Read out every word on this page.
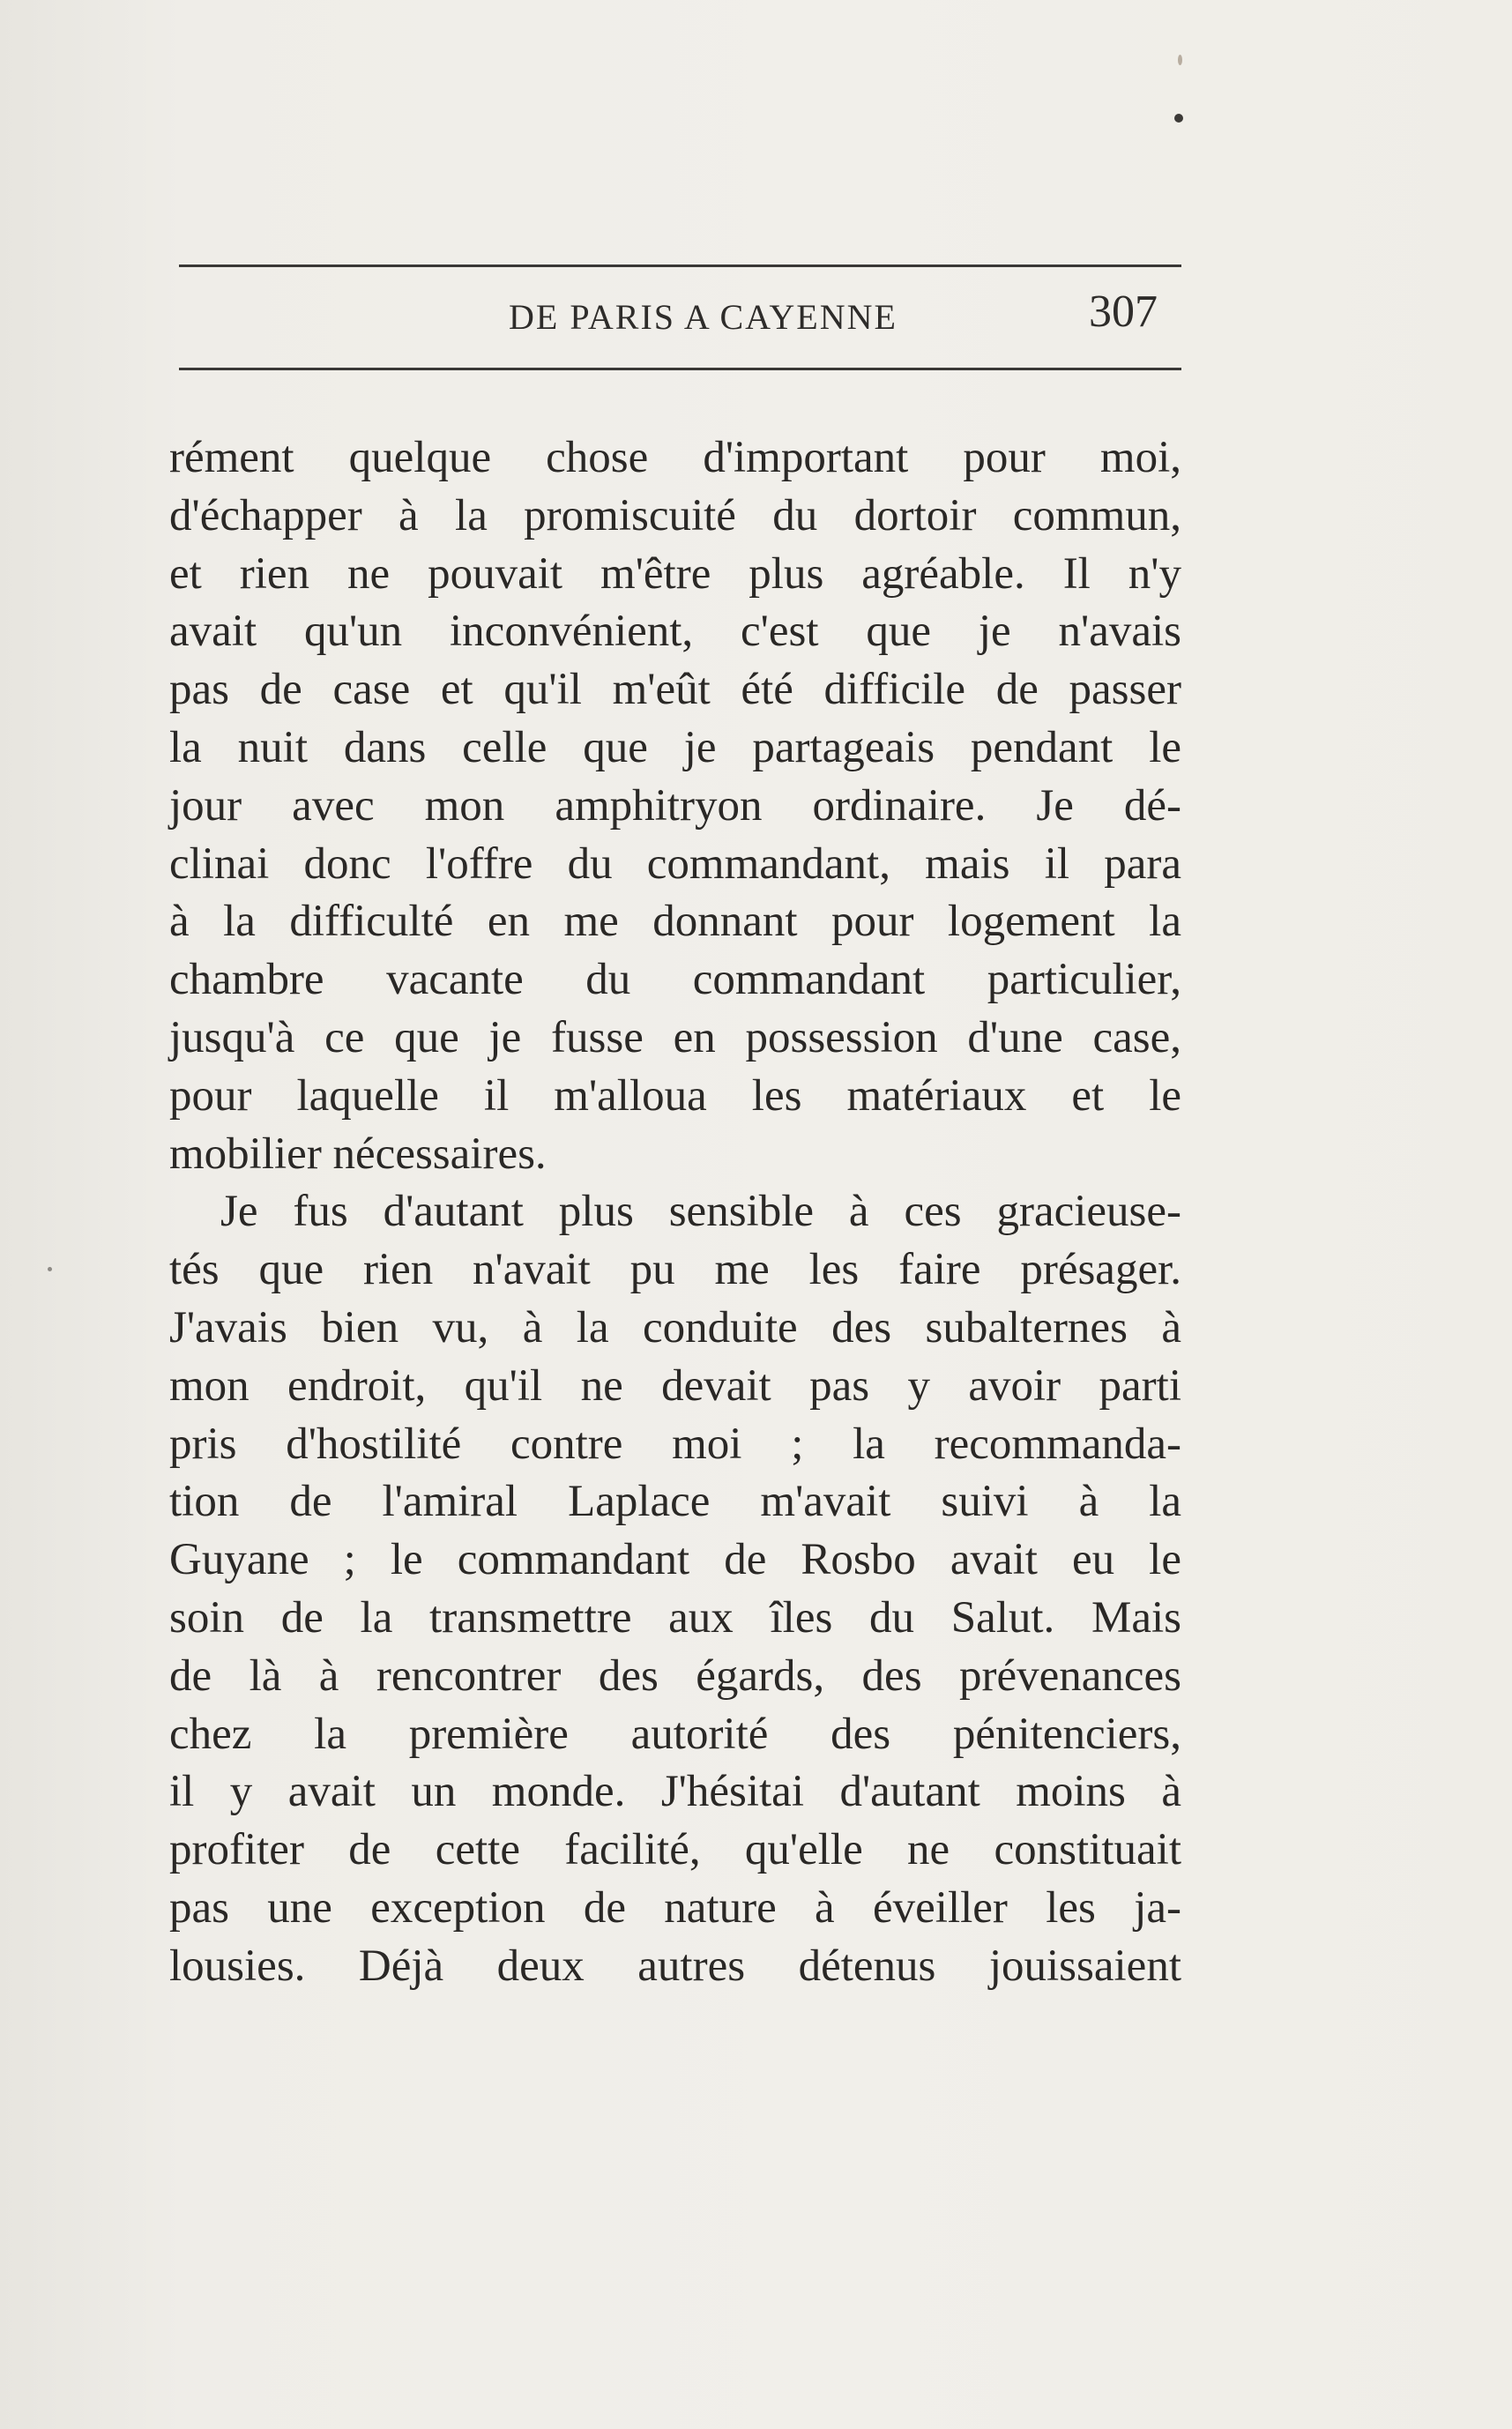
DE PARIS A CAYENNE	307
rément quelque chose d'important pour moi,
d'échapper à la promiscuité du dortoir commun,
et rien ne pouvait m'être plus agréable. Il n'y
avait qu'un inconvénient, c'est que je n'avais
pas de case et qu'il m'eût été difficile de passer
la nuit dans celle que je partageais pendant le
jour avec mon amphitryon ordinaire. Je dé-
clinai donc l'offre du commandant, mais il para
à la difficulté en me donnant pour logement la
chambre vacante du commandant particulier,
jusqu'à ce que je fusse en possession d'une case,
pour laquelle il m'alloua les matériaux et le
mobilier nécessaires.
Je fus d'autant plus sensible à ces gracieuse-
tés que rien n'avait pu me les faire présager.
J'avais bien vu, à la conduite des subalternes à
mon endroit, qu'il ne devait pas y avoir parti
pris d'hostilité contre moi ; la recommanda-
tion de l'amiral Laplace m'avait suivi à la
Guyane ; le commandant de Rosbo avait eu le
soin de la transmettre aux îles du Salut. Mais
de là à rencontrer des égards, des prévenances
chez la première autorité des pénitenciers,
il y avait un monde. J'hésitai d'autant moins à
profiter de cette facilité, qu'elle ne constituait
pas une exception de nature à éveiller les ja-
lousies. Déjà deux autres détenus jouissaient
